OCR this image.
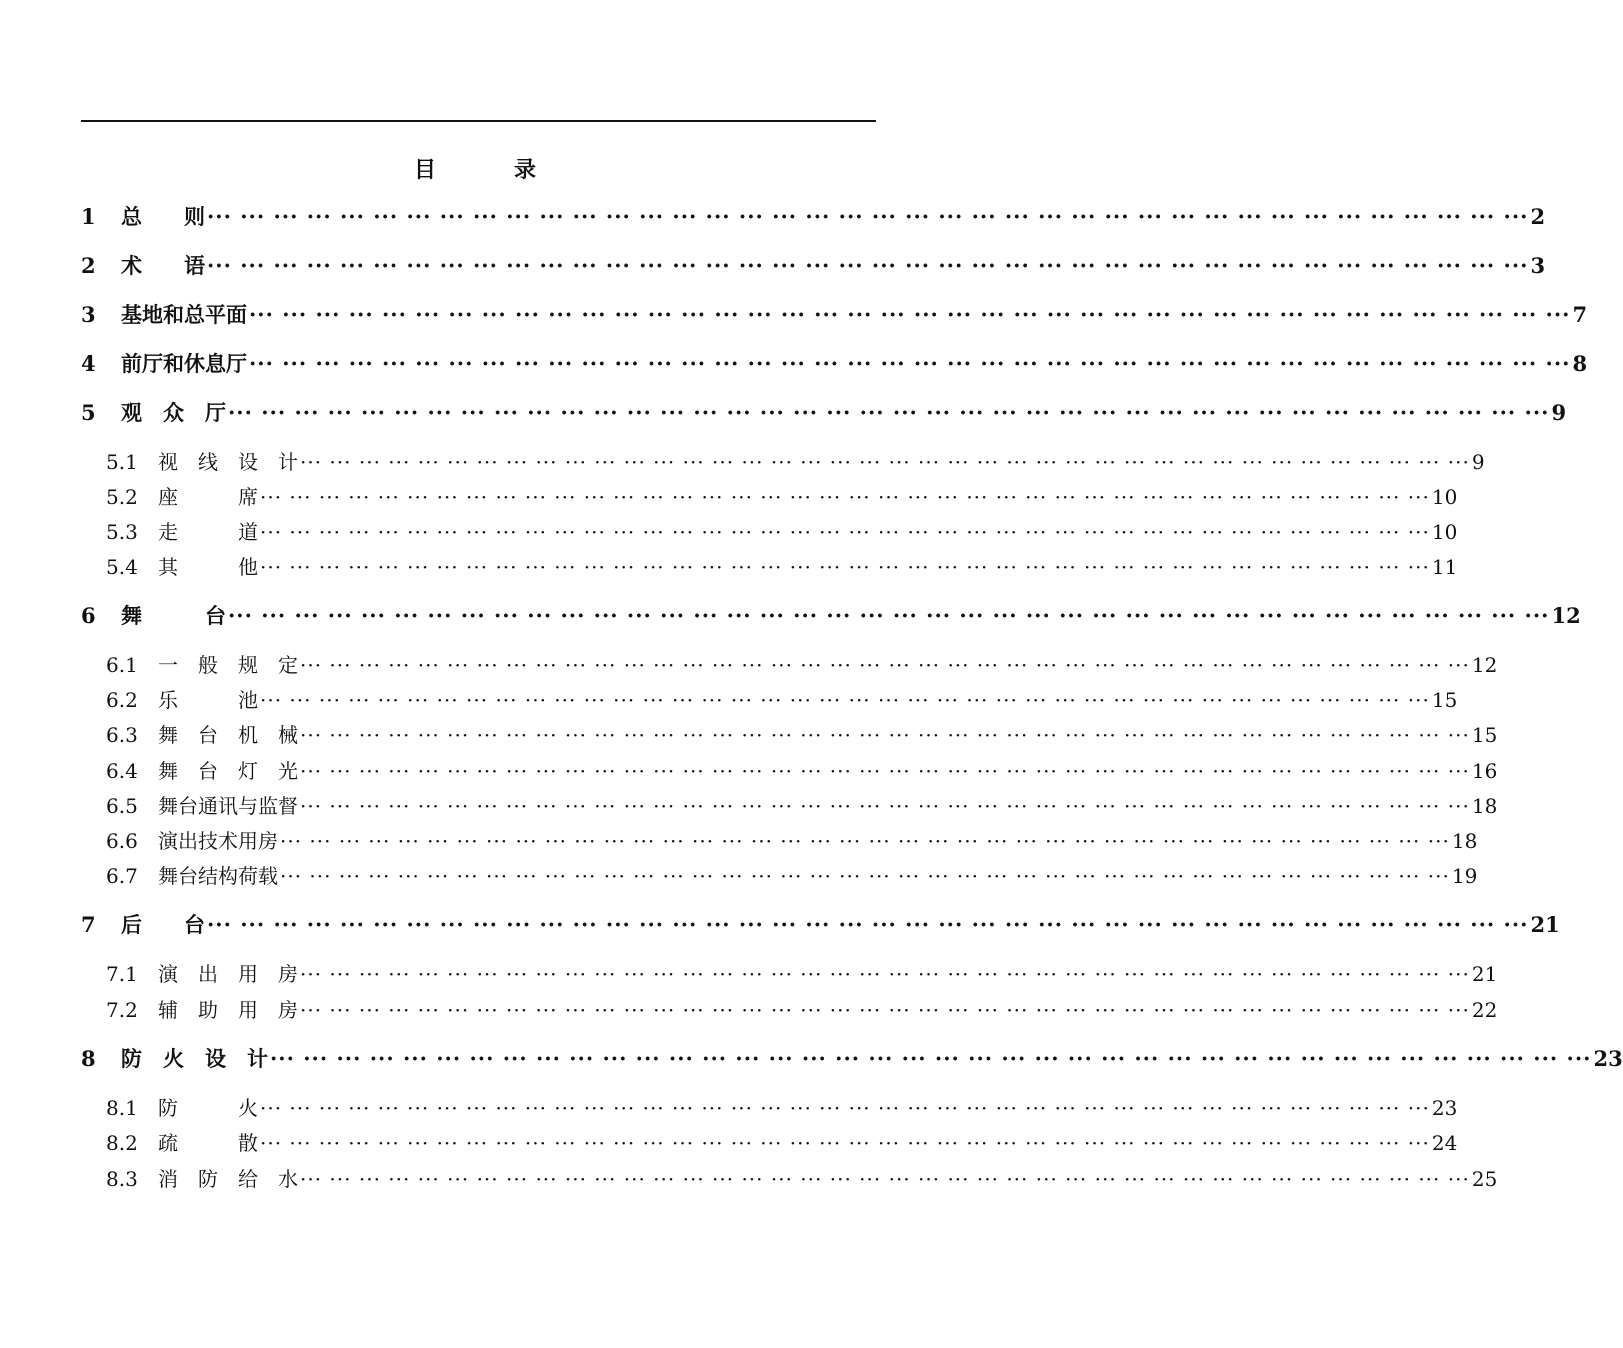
目　录
1	总　　则 ··· ··· ··· ··· ··· ··· ··· ··· ··· ··· ··· ··· ··· ··· ··· ··· ··· ··· ··· ··· ··· ··· ··· ··· ··· ··· ··· ··· ··· ··· ··· ··· ··· ··· ··· ··· ··· ··· ··· ··· 2
2	术　　语 ··· ··· ··· ··· ··· ··· ··· ··· ··· ··· ··· ··· ··· ··· ··· ··· ··· ··· ··· ··· ··· ··· ··· ··· ··· ··· ··· ··· ··· ··· ··· ··· ··· ··· ··· ··· ··· ··· ··· ··· 3
3	基地和总平面 ··· ··· ··· ··· ··· ··· ··· ··· ··· ··· ··· ··· ··· ··· ··· ··· ··· ··· ··· ··· ··· ··· ··· ··· ··· ··· ··· ··· ··· ··· ··· ··· ··· ··· ··· ··· ··· ··· ··· ··· 7
4	前厅和休息厅 ··· ··· ··· ··· ··· ··· ··· ··· ··· ··· ··· ··· ··· ··· ··· ··· ··· ··· ··· ··· ··· ··· ··· ··· ··· ··· ··· ··· ··· ··· ··· ··· ··· ··· ··· ··· ··· ··· ··· ··· 8
5	观　众　厅 ··· ··· ··· ··· ··· ··· ··· ··· ··· ··· ··· ··· ··· ··· ··· ··· ··· ··· ··· ··· ··· ··· ··· ··· ··· ··· ··· ··· ··· ··· ··· ··· ··· ··· ··· ··· ··· ··· ··· ··· 9
5.1	视　线　设　计 ··· ··· ··· ··· ··· ··· ··· ··· ··· ··· ··· ··· ··· ··· ··· ··· ··· ··· ··· ··· ··· ··· ··· ··· ··· ··· ··· ··· ··· ··· ··· ··· ··· ··· ··· ··· ··· ··· ··· ··· 9
5.2	座　　　席 ··· ··· ··· ··· ··· ··· ··· ··· ··· ··· ··· ··· ··· ··· ··· ··· ··· ··· ··· ··· ··· ··· ··· ··· ··· ··· ··· ··· ··· ··· ··· ··· ··· ··· ··· ··· ··· ··· ··· ··· 10
5.3	走　　　道 ··· ··· ··· ··· ··· ··· ··· ··· ··· ··· ··· ··· ··· ··· ··· ··· ··· ··· ··· ··· ··· ··· ··· ··· ··· ··· ··· ··· ··· ··· ··· ··· ··· ··· ··· ··· ··· ··· ··· ··· 10
5.4	其　　　他 ··· ··· ··· ··· ··· ··· ··· ··· ··· ··· ··· ··· ··· ··· ··· ··· ··· ··· ··· ··· ··· ··· ··· ··· ··· ··· ··· ··· ··· ··· ··· ··· ··· ··· ··· ··· ··· ··· ··· ··· 11
6	舞　　　台 ··· ··· ··· ··· ··· ··· ··· ··· ··· ··· ··· ··· ··· ··· ··· ··· ··· ··· ··· ··· ··· ··· ··· ··· ··· ··· ··· ··· ··· ··· ··· ··· ··· ··· ··· ··· ··· ··· ··· ··· 12
6.1	一　般　规　定 ··· ··· ··· ··· ··· ··· ··· ··· ··· ··· ··· ··· ··· ··· ··· ··· ··· ··· ··· ··· ··· ··· ··· ··· ··· ··· ··· ··· ··· ··· ··· ··· ··· ··· ··· ··· ··· ··· ··· ··· 12
6.2	乐　　　池 ··· ··· ··· ··· ··· ··· ··· ··· ··· ··· ··· ··· ··· ··· ··· ··· ··· ··· ··· ··· ··· ··· ··· ··· ··· ··· ··· ··· ··· ··· ··· ··· ··· ··· ··· ··· ··· ··· ··· ··· 15
6.3	舞　台　机　械 ··· ··· ··· ··· ··· ··· ··· ··· ··· ··· ··· ··· ··· ··· ··· ··· ··· ··· ··· ··· ··· ··· ··· ··· ··· ··· ··· ··· ··· ··· ··· ··· ··· ··· ··· ··· ··· ··· ··· ··· 15
6.4	舞　台　灯　光 ··· ··· ··· ··· ··· ··· ··· ··· ··· ··· ··· ··· ··· ··· ··· ··· ··· ··· ··· ··· ··· ··· ··· ··· ··· ··· ··· ··· ··· ··· ··· ··· ··· ··· ··· ··· ··· ··· ··· ··· 16
6.5	舞台通讯与监督 ··· ··· ··· ··· ··· ··· ··· ··· ··· ··· ··· ··· ··· ··· ··· ··· ··· ··· ··· ··· ··· ··· ··· ··· ··· ··· ··· ··· ··· ··· ··· ··· ··· ··· ··· ··· ··· ··· ··· ··· 18
6.6	演出技术用房 ··· ··· ··· ··· ··· ··· ··· ··· ··· ··· ··· ··· ··· ··· ··· ··· ··· ··· ··· ··· ··· ··· ··· ··· ··· ··· ··· ··· ··· ··· ··· ··· ··· ··· ··· ··· ··· ··· ··· ··· 18
6.7	舞台结构荷载 ··· ··· ··· ··· ··· ··· ··· ··· ··· ··· ··· ··· ··· ··· ··· ··· ··· ··· ··· ··· ··· ··· ··· ··· ··· ··· ··· ··· ··· ··· ··· ··· ··· ··· ··· ··· ··· ··· ··· ··· 19
7	后　　台 ··· ··· ··· ··· ··· ··· ··· ··· ··· ··· ··· ··· ··· ··· ··· ··· ··· ··· ··· ··· ··· ··· ··· ··· ··· ··· ··· ··· ··· ··· ··· ··· ··· ··· ··· ··· ··· ··· ··· ··· 21
7.1	演　出　用　房 ··· ··· ··· ··· ··· ··· ··· ··· ··· ··· ··· ··· ··· ··· ··· ··· ··· ··· ··· ··· ··· ··· ··· ··· ··· ··· ··· ··· ··· ··· ··· ··· ··· ··· ··· ··· ··· ··· ··· ··· 21
7.2	辅　助　用　房 ··· ··· ··· ··· ··· ··· ··· ··· ··· ··· ··· ··· ··· ··· ··· ··· ··· ··· ··· ··· ··· ··· ··· ··· ··· ··· ··· ··· ··· ··· ··· ··· ··· ··· ··· ··· ··· ··· ··· ··· 22
8	防　火　设　计 ··· ··· ··· ··· ··· ··· ··· ··· ··· ··· ··· ··· ··· ··· ··· ··· ··· ··· ··· ··· ··· ··· ··· ··· ··· ··· ··· ··· ··· ··· ··· ··· ··· ··· ··· ··· ··· ··· ··· ··· 23
8.1	防　　　火 ··· ··· ··· ··· ··· ··· ··· ··· ··· ··· ··· ··· ··· ··· ··· ··· ··· ··· ··· ··· ··· ··· ··· ··· ··· ··· ··· ··· ··· ··· ··· ··· ··· ··· ··· ··· ··· ··· ··· ··· 23
8.2	疏　　　散 ··· ··· ··· ··· ··· ··· ··· ··· ··· ··· ··· ··· ··· ··· ··· ··· ··· ··· ··· ··· ··· ··· ··· ··· ··· ··· ··· ··· ··· ··· ··· ··· ··· ··· ··· ··· ··· ··· ··· ··· 24
8.3	消　防　给　水 ··· ··· ··· ··· ··· ··· ··· ··· ··· ··· ··· ··· ··· ··· ··· ··· ··· ··· ··· ··· ··· ··· ··· ··· ··· ··· ··· ··· ··· ··· ··· ··· ··· ··· ··· ··· ··· ··· ··· ··· 25
